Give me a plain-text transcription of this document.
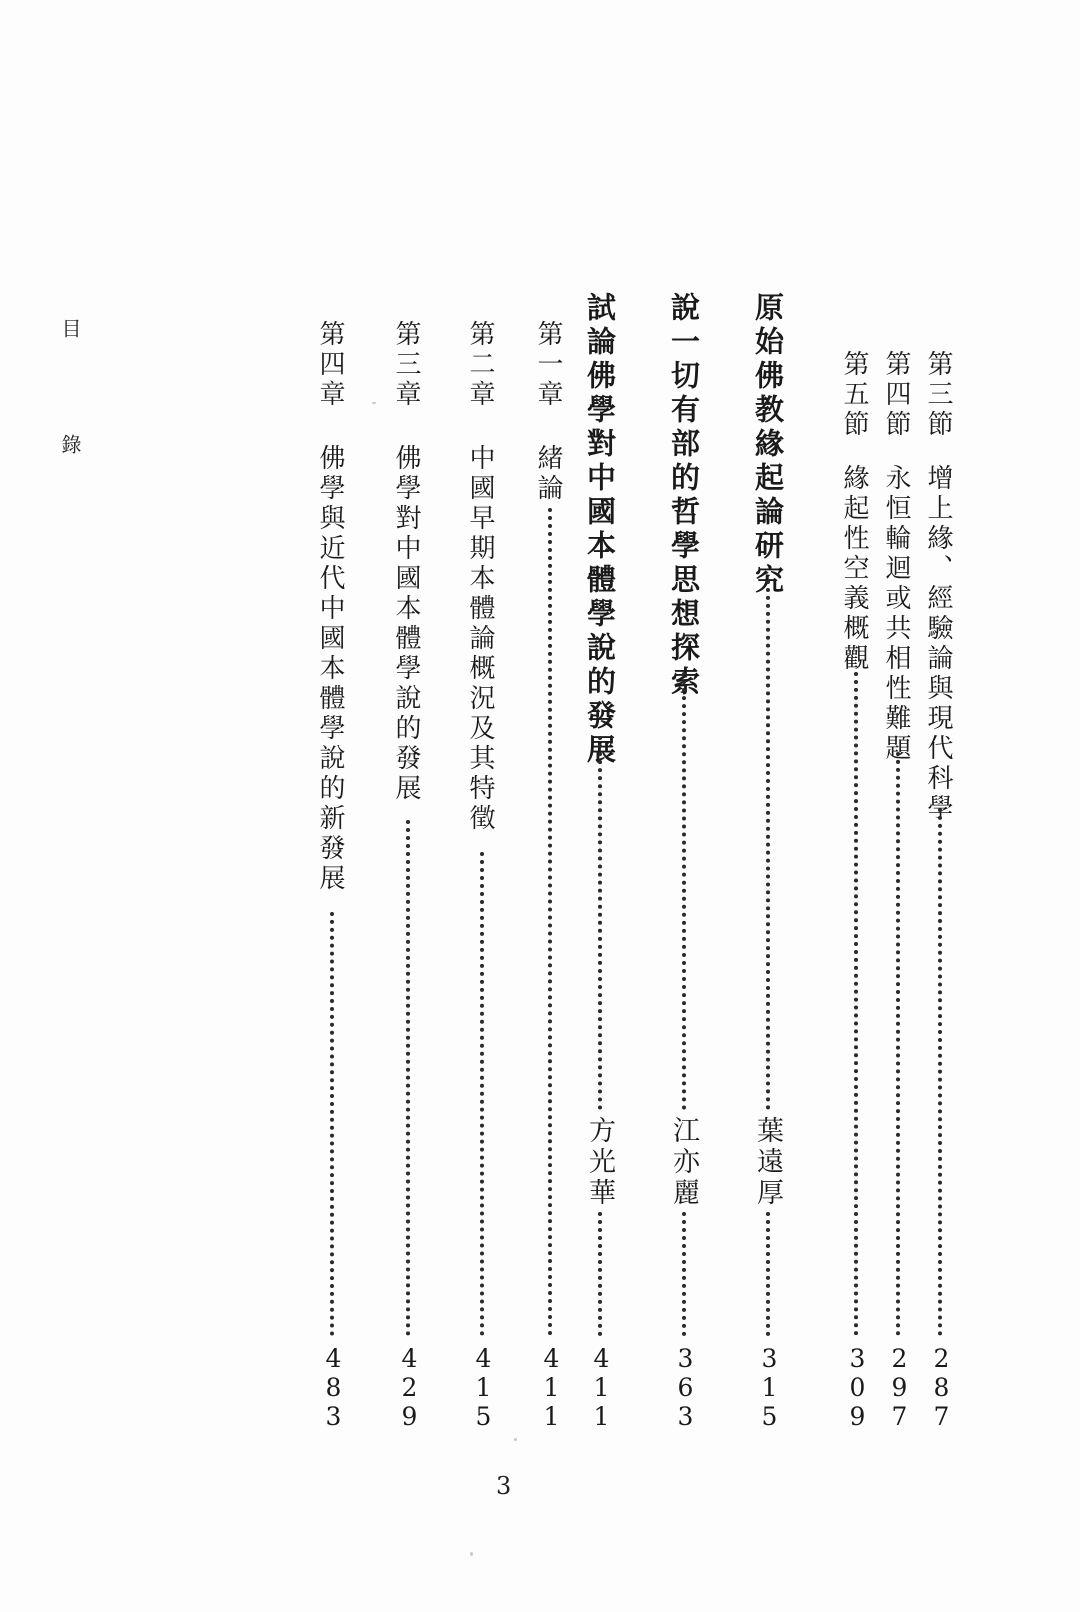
目　錄	第三節
增上緣、經驗論與現代科學
287
第四節
永恒輪迴或共相性難題
297
第五節
緣起性空義概觀
309
原始佛教緣起論研究
葉遠厚
315
說一切有部的哲學思想探索
江亦麗
363
試論佛學對中國本體學說的發展
方光華
411
第一章
緒論
411
第二章
中國早期本體論概況及其特徵
415
第三章
佛學對中國本體學說的發展
429
第四章
佛學與近代中國本體學說的新發展
483
3
